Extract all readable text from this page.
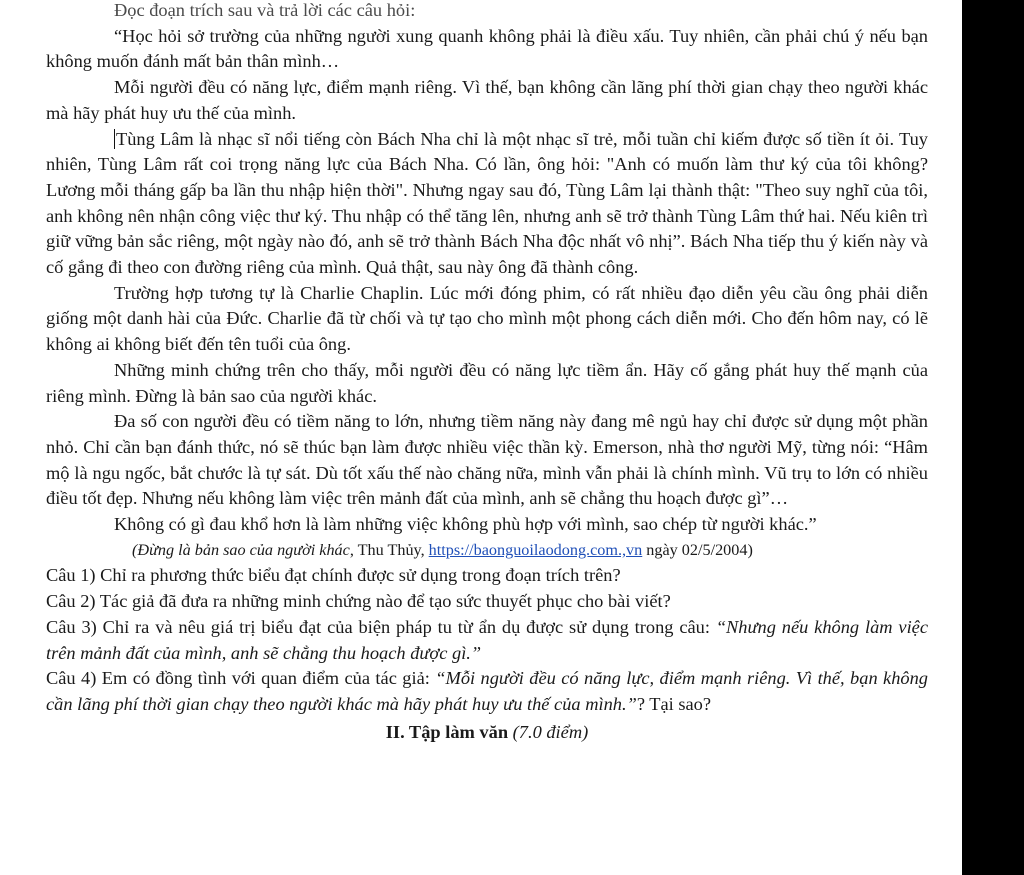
Đọc đoạn trích sau và trả lời các câu hỏi:

“Học hỏi sở trường của những người xung quanh không phải là điều xấu. Tuy nhiên, cần phải chú ý nếu bạn không muốn đánh mất bản thân mình…

Mỗi người đều có năng lực, điểm mạnh riêng. Vì thế, bạn không cần lãng phí thời gian chạy theo người khác mà hãy phát huy ưu thế của mình.

Tùng Lâm là nhạc sĩ nổi tiếng còn Bách Nha chỉ là một nhạc sĩ trẻ, mỗi tuần chỉ kiếm được số tiền ít ỏi. Tuy nhiên, Tùng Lâm rất coi trọng năng lực của Bách Nha. Có lần, ông hỏi: "Anh có muốn làm thư ký của tôi không? Lương mỗi tháng gấp ba lần thu nhập hiện thời". Nhưng ngay sau đó, Tùng Lâm lại thành thật: "Theo suy nghĩ của tôi, anh không nên nhận công việc thư ký. Thu nhập có thể tăng lên, nhưng anh sẽ trở thành Tùng Lâm thứ hai. Nếu kiên trì giữ vững bản sắc riêng, một ngày nào đó, anh sẽ trở thành Bách Nha độc nhất vô nhị”. Bách Nha tiếp thu ý kiến này và cố gắng đi theo con đường riêng của mình. Quả thật, sau này ông đã thành công.

Trường hợp tương tự là Charlie Chaplin. Lúc mới đóng phim, có rất nhiều đạo diễn yêu cầu ông phải diễn giống một danh hài của Đức. Charlie đã từ chối và tự tạo cho mình một phong cách diễn mới. Cho đến hôm nay, có lẽ không ai không biết đến tên tuổi của ông.

Những minh chứng trên cho thấy, mỗi người đều có năng lực tiềm ẩn. Hãy cố gắng phát huy thế mạnh của riêng mình. Đừng là bản sao của người khác.

Đa số con người đều có tiềm năng to lớn, nhưng tiềm năng này đang mê ngủ hay chỉ được sử dụng một phần nhỏ. Chỉ cần bạn đánh thức, nó sẽ thúc bạn làm được nhiều việc thần kỳ. Emerson, nhà thơ người Mỹ, từng nói: “Hâm mộ là ngu ngốc, bắt chước là tự sát. Dù tốt xấu thế nào chăng nữa, mình vẫn phải là chính mình. Vũ trụ to lớn có nhiều điều tốt đẹp. Nhưng nếu không làm việc trên mảnh đất của mình, anh sẽ chẳng thu hoạch được gì”…

Không có gì đau khổ hơn là làm những việc không phù hợp với mình, sao chép từ người khác.”

(Đừng là bản sao của người khác, Thu Thủy, https://baonguoilaodong.com.,vn ngày 02/5/2004)

Câu 1) Chỉ ra phương thức biểu đạt chính được sử dụng trong đoạn trích trên?

Câu 2) Tác giả đã đưa ra những minh chứng nào để tạo sức thuyết phục cho bài viết?

Câu 3) Chỉ ra và nêu giá trị biểu đạt của biện pháp tu từ ẩn dụ được sử dụng trong câu: “Nhưng nếu không làm việc trên mảnh đất của mình, anh sẽ chẳng thu hoạch được gì.”

Câu 4) Em có đồng tình với quan điểm của tác giả: “Mỗi người đều có năng lực, điểm mạnh riêng. Vì thế, bạn không cần lãng phí thời gian chạy theo người khác mà hãy phát huy ưu thế của mình.”? Tại sao?

II. Tập làm văn (7.0 điểm)
